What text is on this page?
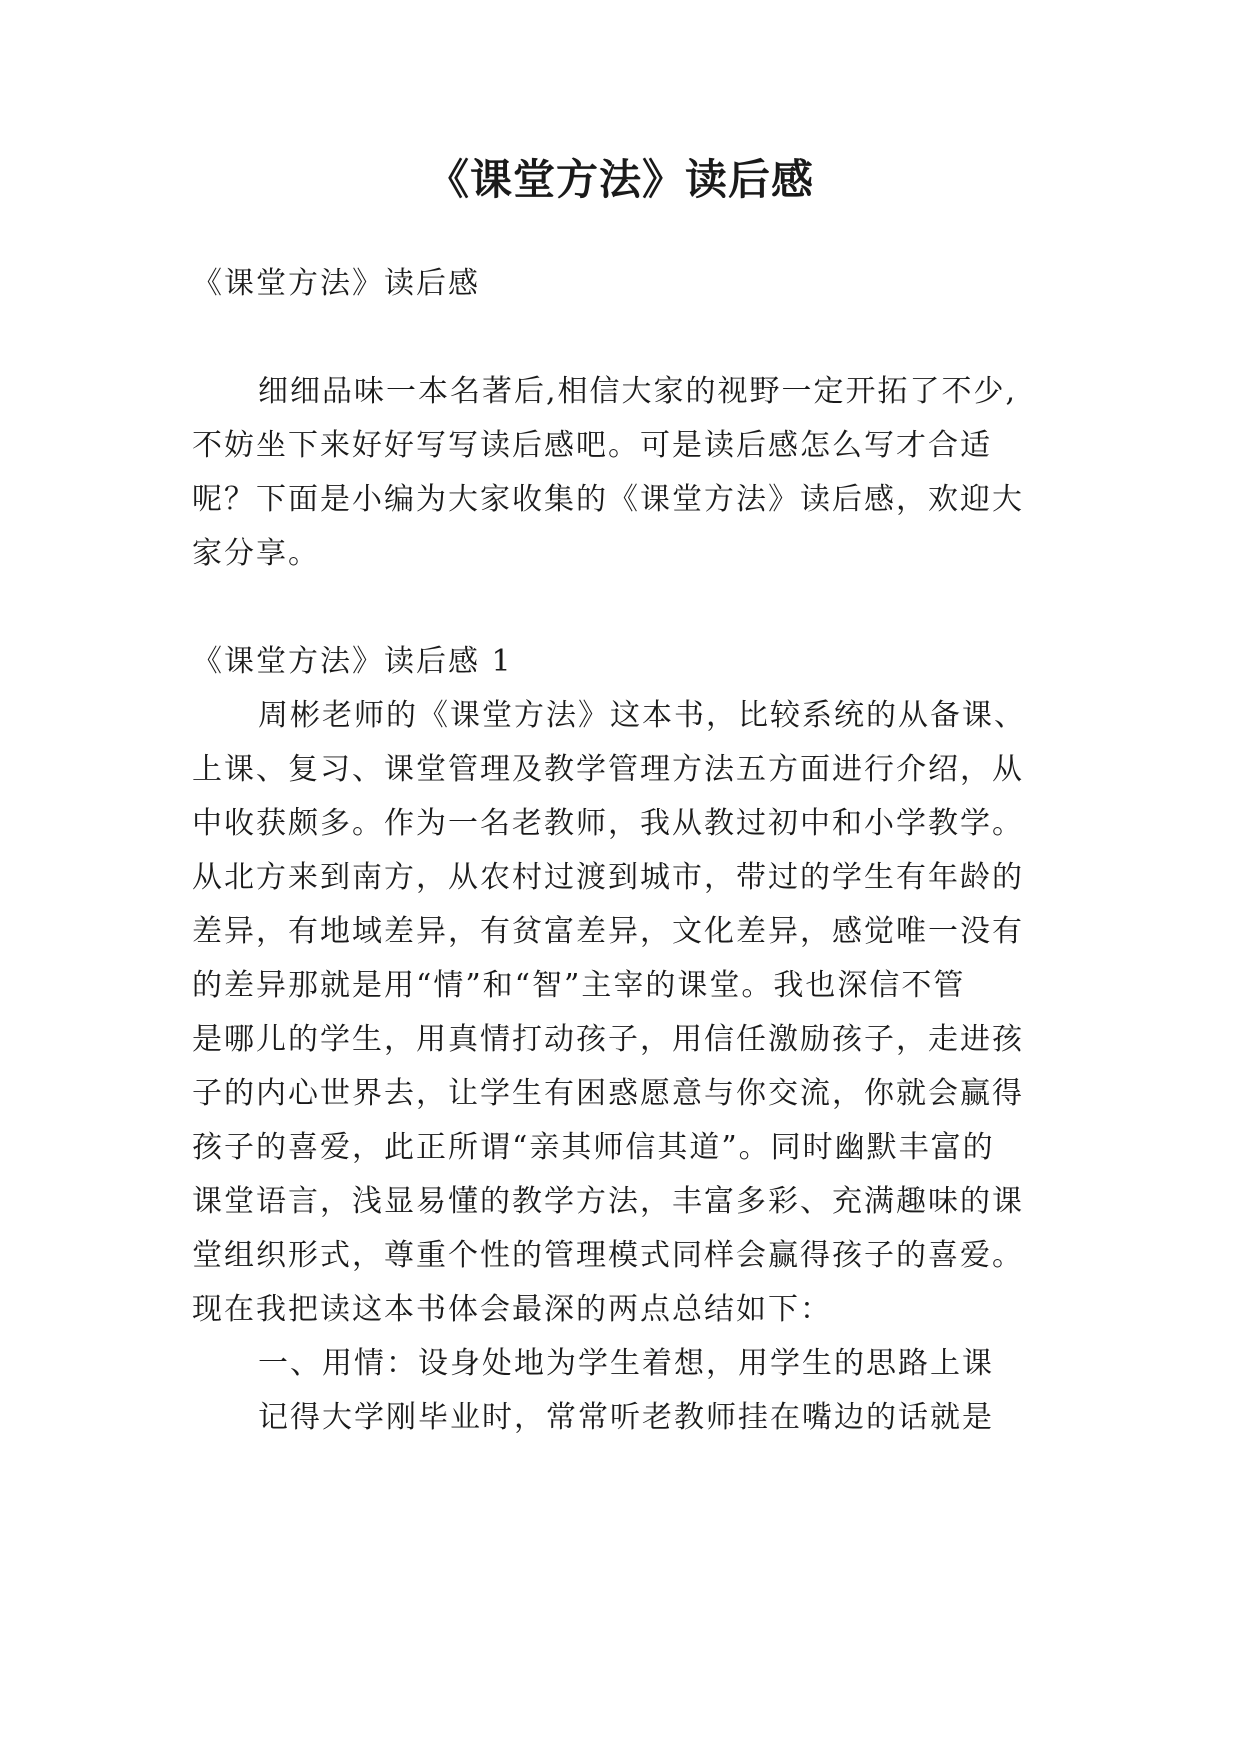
《课堂方法》读后感
《课堂方法》读后感
细细品味一本名著后,相信大家的视野一定开拓了不少,
不妨坐下来好好写写读后感吧。可是读后感怎么写才合适
呢？下面是小编为大家收集的《课堂方法》读后感，欢迎大
家分享。
《课堂方法》读后感 1
周彬老师的《课堂方法》这本书，比较系统的从备课、
上课、复习、课堂管理及教学管理方法五方面进行介绍，从
中收获颇多。作为一名老教师，我从教过初中和小学教学。
从北方来到南方，从农村过渡到城市，带过的学生有年龄的
差异，有地域差异，有贫富差异，文化差异，感觉唯一没有
的差异那就是用“情”和“智”主宰的课堂。我也深信不管
是哪儿的学生，用真情打动孩子，用信任激励孩子，走进孩
子的内心世界去，让学生有困惑愿意与你交流，你就会赢得
孩子的喜爱，此正所谓“亲其师信其道”。同时幽默丰富的
课堂语言，浅显易懂的教学方法，丰富多彩、充满趣味的课
堂组织形式，尊重个性的管理模式同样会赢得孩子的喜爱。
现在我把读这本书体会最深的两点总结如下：
一、用情：设身处地为学生着想，用学生的思路上课
记得大学刚毕业时，常常听老教师挂在嘴边的话就是
